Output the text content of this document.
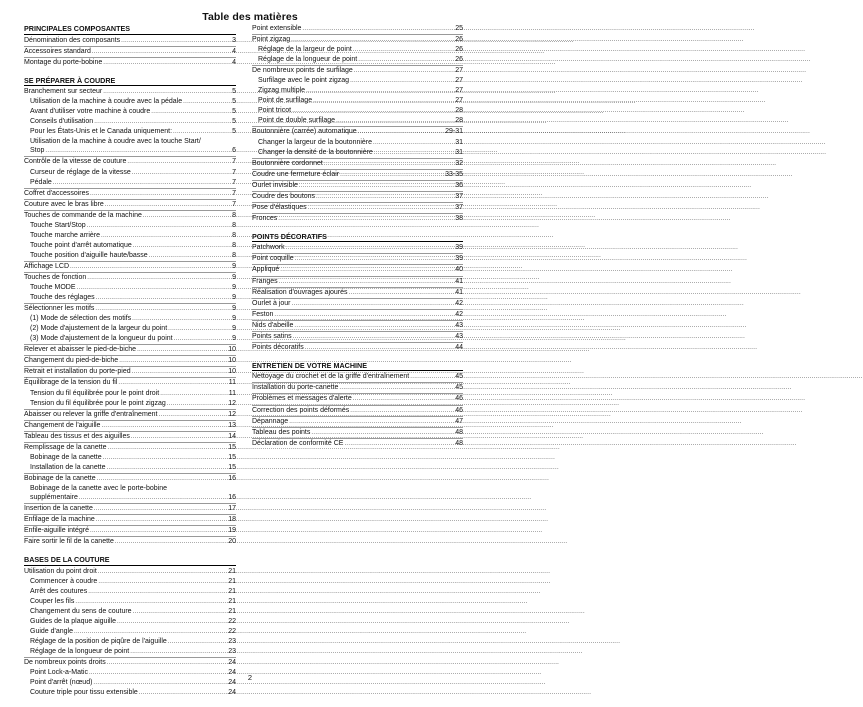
Table des matières
PRINCIPALES COMPOSANTES
Dénomination des composants .....	3
Accessoires standard .....	4
Montage du porte-bobine .....	4
SE PRÉPARER À COUDRE
Branchement sur secteur .....	5
Utilisation de la machine à coudre avec la pédale .....	5
Avant d'utiliser votre machine à coudre .....	5
Conseils d'utilisation .....	5
Pour les États-Unis et le Canada uniquement: .....	5
Utilisation de la machine à coudre avec la touche Start/
Stop .....	6
Contrôle de la vitesse de couture .....	7
Curseur de réglage de la vitesse .....	7
Pédale .....	7
Coffret d'accessoires .....	7
Couture avec le bras libre .....	7
Touches de commande de la machine .....	8
Touche Start/Stop .....	8
Touche marche arrière .....	8
Touche point d'arrêt automatique .....	8
Touche position d'aiguille haute/basse .....	8
Affichage LCD .....	9
Touches de fonction .....	9
Touche MODE .....	9
Touche des réglages .....	9
Sélectionner les motifs .....	9
(1) Mode de sélection des motifs .....	9
(2) Mode d'ajustement de la largeur du point .....	9
(3) Mode d'ajustement de la longueur du point .....	9
Relever et abaisser le pied-de-biche .....	10
Changement du pied-de-biche .....	10
Retrait et installation du porte-pied .....	10
Équilibrage de la tension du fil .....	11
Tension du fil équilibrée pour le point droit .....	11
Tension du fil équilibrée pour le point zigzag .....	12
Abaisser ou relever la griffe d'entraînement .....	12
Changement de l'aiguille .....	13
Tableau des tissus et des aiguilles .....	14
Remplissage de la canette .....	15
Bobinage de la canette .....	15
Installation de la canette .....	15
Bobinage de la canette .....	16
Bobinage de la canette avec le porte-bobine
supplémentaire .....	16
Insertion de la canette .....	17
Enfilage de la machine .....	18
Enfile-aiguille intégré .....	19
Faire sortir le fil de la canette .....	20
BASES DE LA COUTURE
Utilisation du point droit .....	21
Commencer à coudre .....	21
Arrêt des coutures .....	21
Couper les fils .....	21
Changement du sens de couture .....	21
Guides de la plaque aiguille .....	22
Guide d'angle .....	22
Réglage de la position de piqûre de l'aiguille .....	23
Réglage de la longueur de point .....	23
De nombreux points droits .....	24
Point Lock-a-Matic .....	24
Point d'arrêt (nœud) .....	24
Couture triple pour tissu extensible .....	24
Point extensible .....	25
Point zigzag .....	26
Réglage de la largeur de point .....	26
Réglage de la longueur de point .....	26
De nombreux points de surfilage .....	27
Surfilage avec le point zigzag .....	27
Zigzag multiple .....	27
Point de surfilage .....	27
Point tricot .....	28
Point de double surfilage .....	28
Boutonnière (carrée) automatique .....	29-31
Changer la largeur de la boutonnière .....	31
Changer la densité de la boutonnière .....	31
Boutonnière cordonnet .....	32
Coudre une fermeture éclair .....	33-35
Ourlet invisible .....	36
Coudre des boutons .....	37
Pose d'élastiques .....	37
Fronces .....	38
POINTS DÉCORATIFS
Patchwork .....	39
Point coquille .....	39
Appliqué .....	40
Franges .....	41
Réalisation d'ouvrages ajourés .....	41
Ourlet à jour .....	42
Feston .....	42
Nids d'abeille .....	43
Points satins .....	43
Points décoratifs .....	44
ENTRETIEN DE VOTRE MACHINE
Nettoyage du crochet et de la griffe d'entraînement .....	45
Installation du porte-canette .....	45
Problèmes et messages d'alerte .....	46
Correction des points déformés .....	46
Dépannage .....	47
Tableau des points .....	48
Déclaration de conformité CE .....	48
2
